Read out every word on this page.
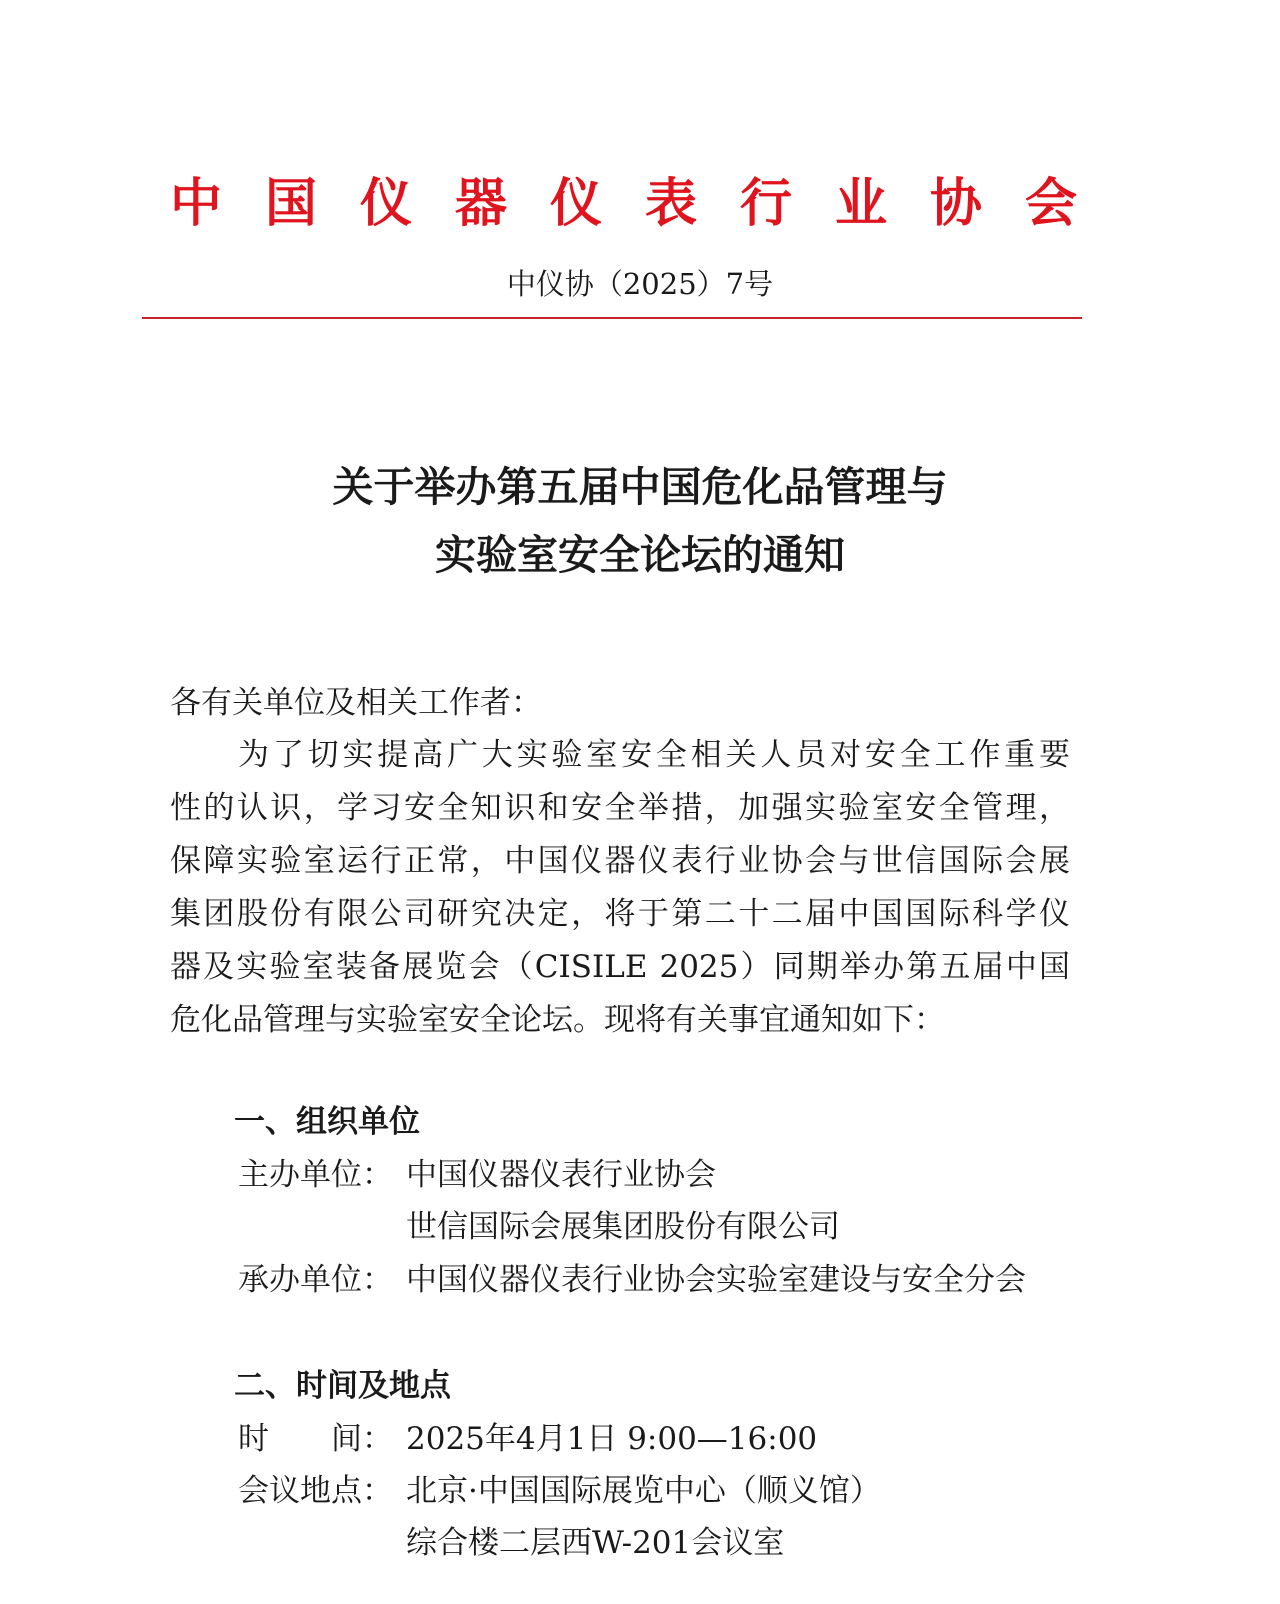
中国仪器仪表行业协会
中仪协（2025）7号
关于举办第五届中国危化品管理与
实验室安全论坛的通知
各有关单位及相关工作者：
为了切实提高广大实验室安全相关人员对安全工作重要
性的认识，学习安全知识和安全举措，加强实验室安全管理，
保障实验室运行正常，中国仪器仪表行业协会与世信国际会展
集团股份有限公司研究决定，将于第二十二届中国国际科学仪
器及实验室装备展览会（CISILE 2025）同期举办第五届中国
危化品管理与实验室安全论坛。现将有关事宜通知如下：
一、组织单位
主办单位： 中国仪器仪表行业协会
世信国际会展集团股份有限公司
承办单位： 中国仪器仪表行业协会实验室建设与安全分会
二、时间及地点
时　　间： 2025年4月1日 9:00—16:00
会议地点： 北京·中国国际展览中心（顺义馆）
综合楼二层西W-201会议室
